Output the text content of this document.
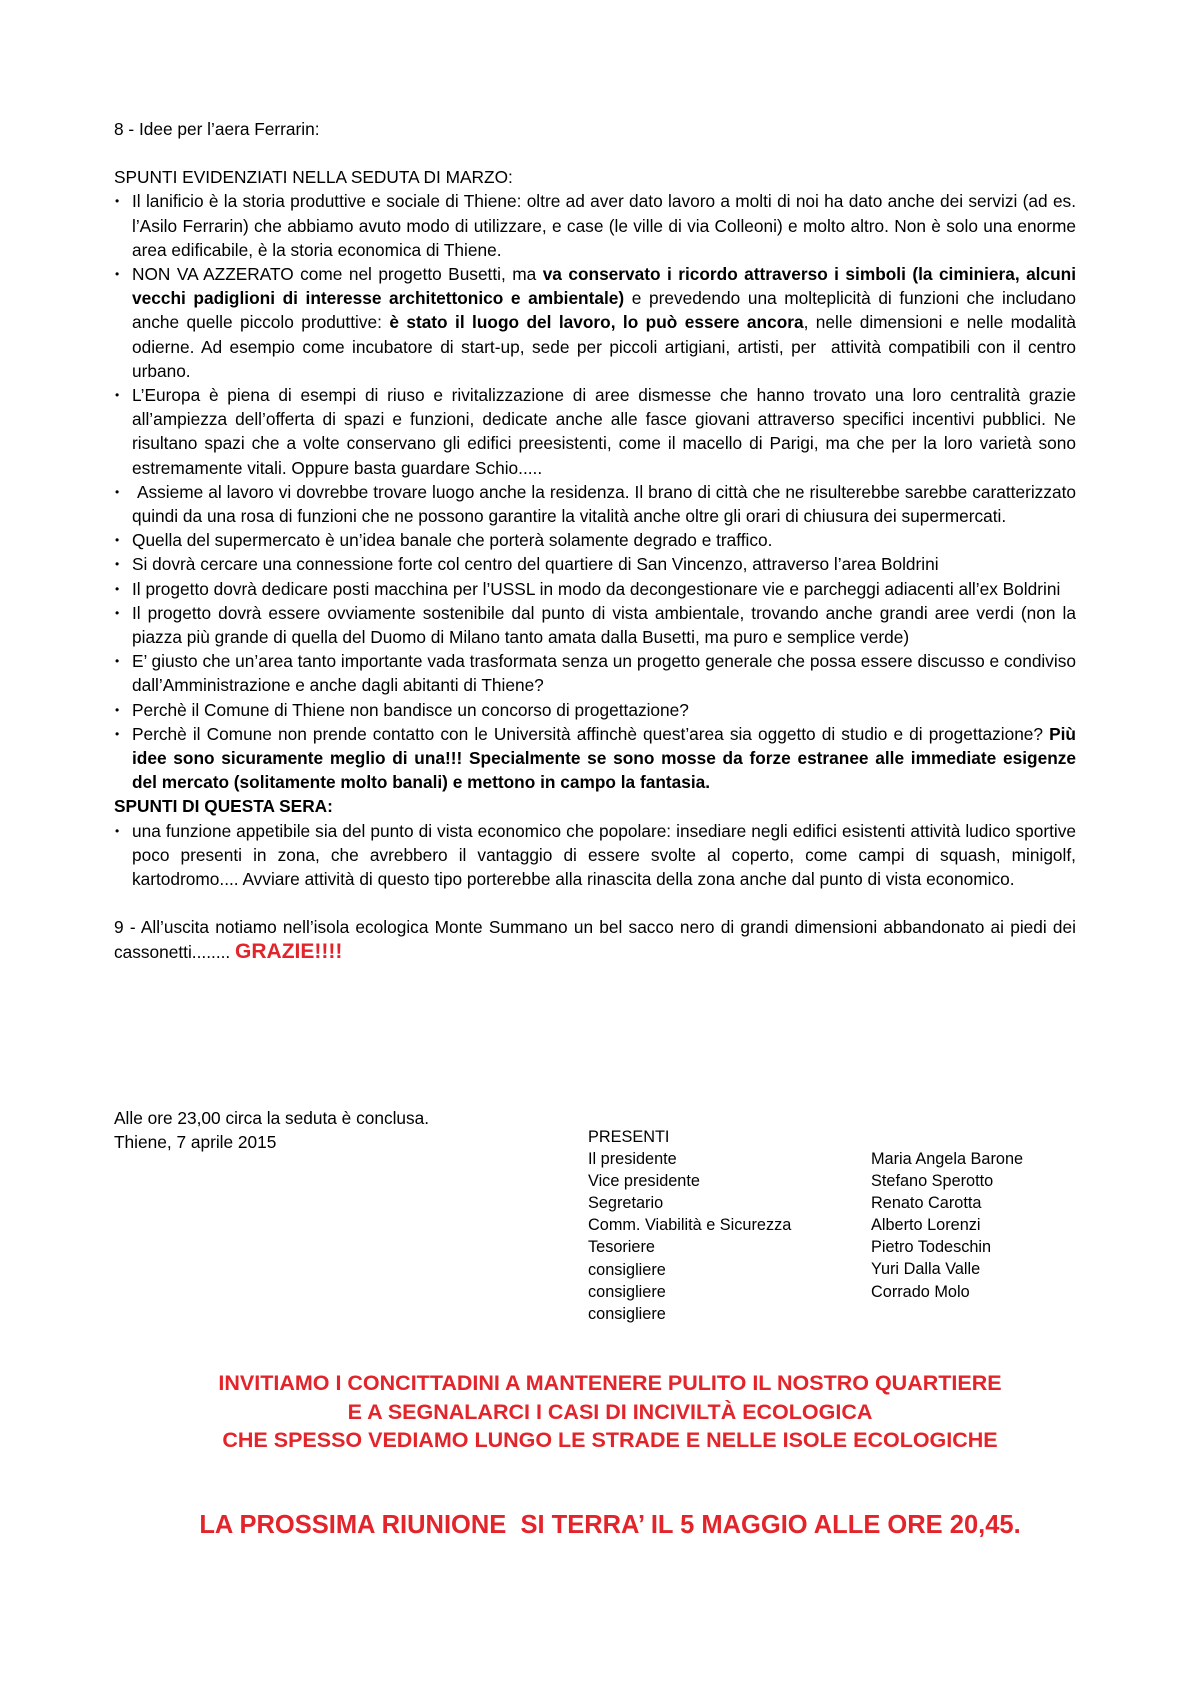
8 - Idee per l’aera Ferrarin:

SPUNTI EVIDENZIATI NELLA SEDUTA DI MARZO:

• Il lanificio è la storia produttive e sociale di Thiene: oltre ad aver dato lavoro a molti di noi ha dato anche dei servizi (ad es. l’Asilo Ferrarin) che abbiamo avuto modo di utilizzare, e case (le ville di via Colleoni) e molto altro. Non è solo una enorme area edificabile, è la storia economica di Thiene.
• NON VA AZZERATO come nel progetto Busetti, ma va conservato i ricordo attraverso i simboli (la ciminiera, alcuni vecchi padiglioni di interesse architettonico e ambientale) e prevedendo una molteplicità di funzioni che includano anche quelle piccolo produttive: è stato il luogo del lavoro, lo può essere ancora, nelle dimensioni e nelle modalità odierne. Ad esempio come incubatore di start-up, sede per piccoli artigiani, artisti, per  attività compatibili con il centro urbano.
• L’Europa è piena di esempi di riuso e rivitalizzazione di aree dismesse che hanno trovato una loro centralità grazie all’ampiezza dell’offerta di spazi e funzioni, dedicate anche alle fasce giovani attraverso specifici incentivi pubblici. Ne risultano spazi che a volte conservano gli edifici preesistenti, come il macello di Parigi, ma che per la loro varietà sono estremamente vitali. Oppure basta guardare Schio.....
•  Assieme al lavoro vi dovrebbe trovare luogo anche la residenza. Il brano di città che ne risulterebbe sarebbe caratterizzato quindi da una rosa di funzioni che ne possono garantire la vitalità anche oltre gli orari di chiusura dei supermercati.
• Quella del supermercato è un’idea banale che porterà solamente degrado e traffico.
• Si dovrà cercare una connessione forte col centro del quartiere di San Vincenzo, attraverso l’area Boldrini
• Il progetto dovrà dedicare posti macchina per l’USSL in modo da decongestionare vie e parcheggi adiacenti all’ex Boldrini
• Il progetto dovrà essere ovviamente sostenibile dal punto di vista ambientale, trovando anche grandi aree verdi (non la piazza più grande di quella del Duomo di Milano tanto amata dalla Busetti, ma puro e semplice verde)
• E’ giusto che un’area tanto importante vada trasformata senza un progetto generale che possa essere discusso e condiviso dall’Amministrazione e anche dagli abitanti di Thiene?
• Perchè il Comune di Thiene non bandisce un concorso di progettazione?
• Perchè il Comune non prende contatto con le Università affinchè quest’area sia oggetto di studio e di progettazione? Più idee sono sicuramente meglio di una!!! Specialmente se sono mosse da forze estranee alle immediate esigenze del mercato (solitamente molto banali) e mettono in campo la fantasia.

SPUNTI DI QUESTA SERA:

• una funzione appetibile sia del punto di vista economico che popolare: insediare negli edifici esistenti attività ludico sportive poco presenti in zona, che avrebbero il vantaggio di essere svolte al coperto, come campi di squash, minigolf, kartodromo.... Avviare attività di questo tipo porterebbe alla rinascita della zona anche dal punto di vista economico.

9 - All’uscita notiamo nell’isola ecologica Monte Summano un bel sacco nero di grandi dimensioni abbandonato ai piedi dei cassonetti........ GRAZIE!!!!

Alle ore 23,00 circa la seduta è conclusa.

Thiene, 7 aprile 2015	PRESENTI

Il presidente

Vice presidente

Segretario

Comm. Viabilità e Sicurezza

Tesoriere

consigliere

consigliere

consigliere

Maria Angela Barone

Stefano Sperotto

Renato Carotta

Alberto Lorenzi

Pietro Todeschin

Yuri Dalla Valle

Corrado Molo

INVITIAMO I CONCITTADINI A MANTENERE PULITO IL NOSTRO QUARTIERE

E A SEGNALARCI I CASI DI INCIVILTÀ ECOLOGICA

CHE SPESSO VEDIAMO LUNGO LE STRADE E NELLE ISOLE ECOLOGICHE

LA PROSSIMA RIUNIONE  SI TERRA’ IL 5 MAGGIO ALLE ORE 20,45.
